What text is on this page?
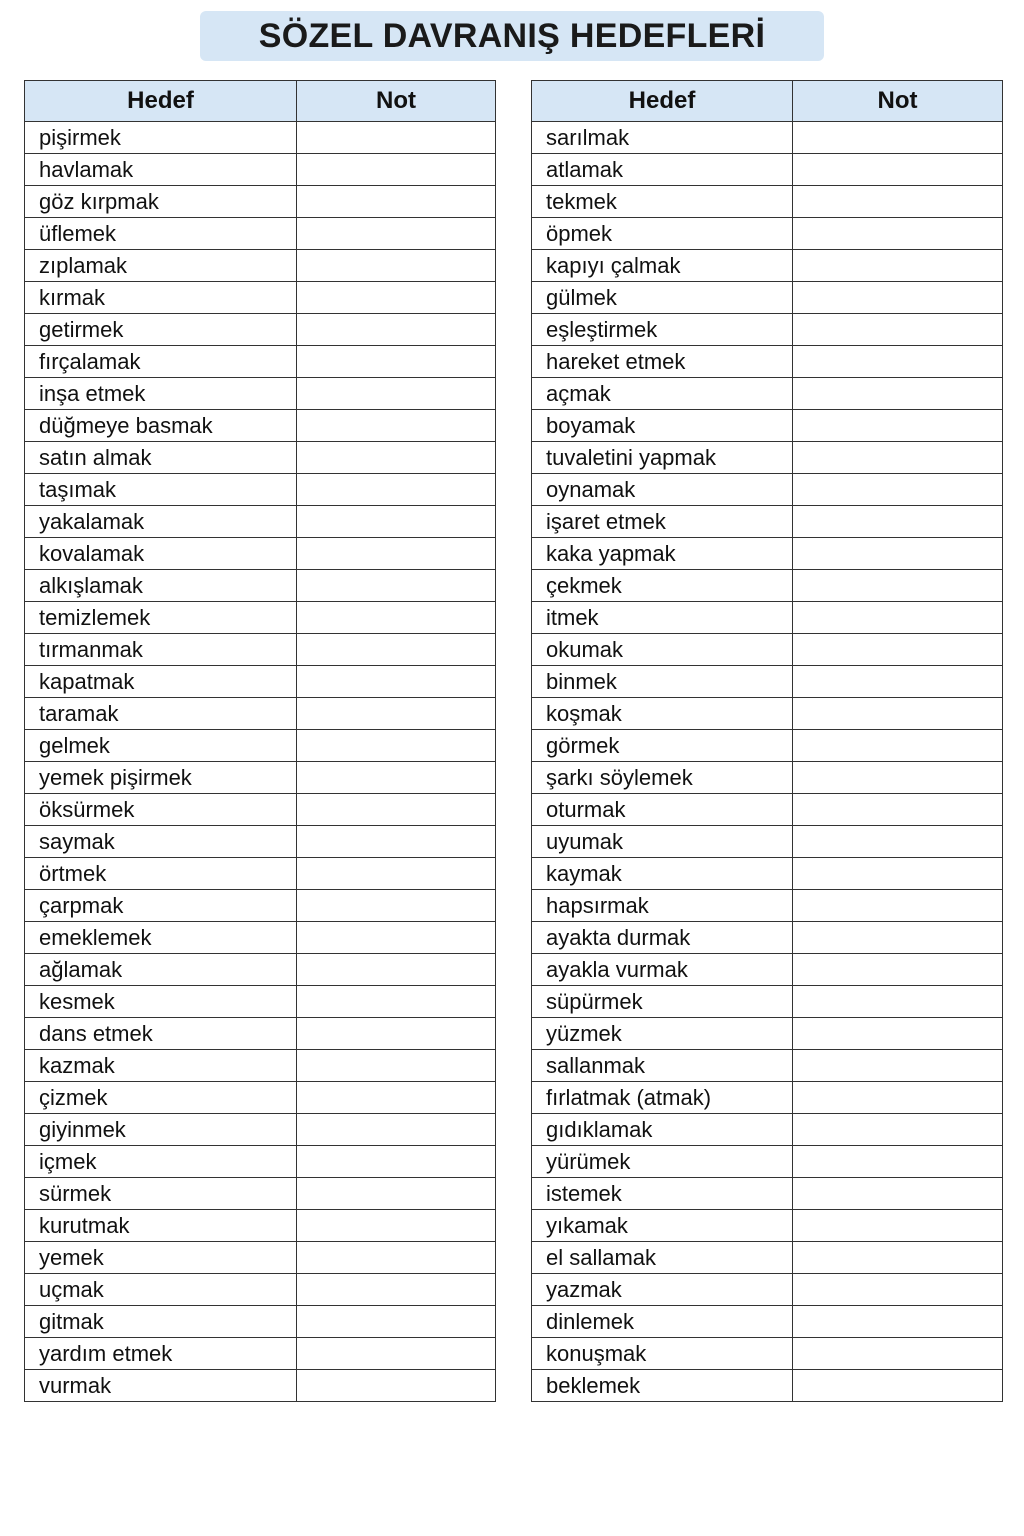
SÖZEL DAVRANIŞ HEDEFLERİ
Hedef	Not
pişirmek	
havlamak	
göz kırpmak	
üflemek	
zıplamak	
kırmak	
getirmek	
fırçalamak	
inşa etmek	
düğmeye basmak	
satın almak	
taşımak	
yakalamak	
kovalamak	
alkışlamak	
temizlemek	
tırmanmak	
kapatmak	
taramak	
gelmek	
yemek pişirmek	
öksürmek	
saymak	
örtmek	
çarpmak	
emeklemek	
ağlamak	
kesmek	
dans etmek	
kazmak	
çizmek	
giyinmek	
içmek	
sürmek	
kurutmak	
yemek	
uçmak	
gitmak	
yardım etmek	
vurmak	
Hedef	Not
sarılmak	
atlamak	
tekmek	
öpmek	
kapıyı çalmak	
gülmek	
eşleştirmek	
hareket etmek	
açmak	
boyamak	
tuvaletini yapmak	
oynamak	
işaret etmek	
kaka yapmak	
çekmek	
itmek	
okumak	
binmek	
koşmak	
görmek	
şarkı söylemek	
oturmak	
uyumak	
kaymak	
hapsırmak	
ayakta durmak	
ayakla vurmak	
süpürmek	
yüzmek	
sallanmak	
fırlatmak (atmak)	
gıdıklamak	
yürümek	
istemek	
yıkamak	
el sallamak	
yazmak	
dinlemek	
konuşmak	
beklemek	
